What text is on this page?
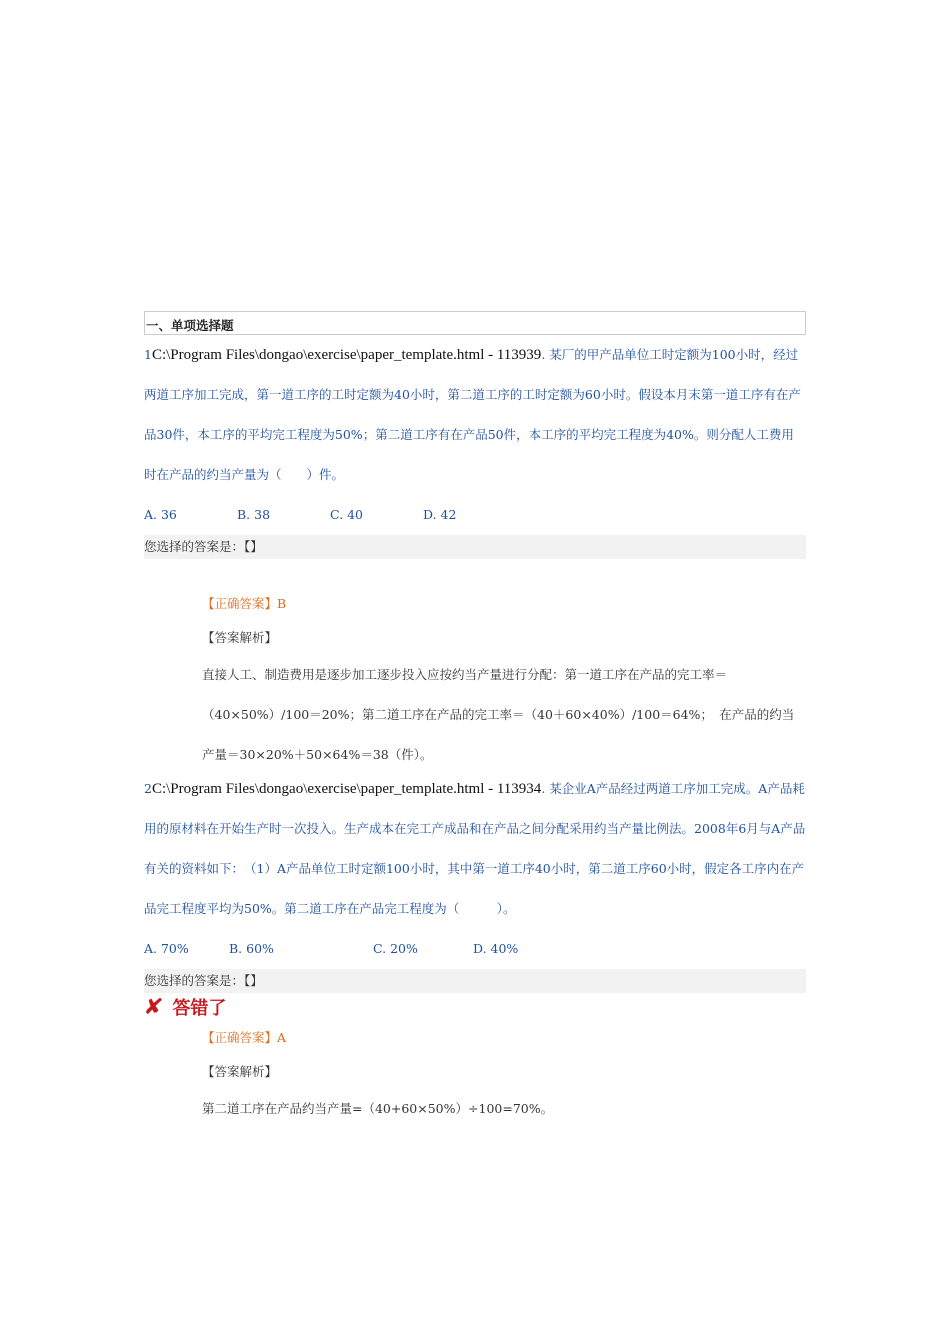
一、单项选择题

1C:\Program Files\dongao\exercise\paper_template.html - 113939. 某厂的甲产品单位工时定额为100小时，经过两道工序加工完成，第一道工序的工时定额为40小时，第二道工序的工时定额为60小时。假设本月末第一道工序有在产品30件，本工序的平均完工程度为50%；第二道工序有在产品50件，本工序的平均完工程度为40%。则分配人工费用时在产品的约当产量为（　　）件。

A. 36	B. 38	C. 40	D. 42
您选择的答案是：【】
【正确答案】B
【答案解析】

直接人工、制造费用是逐步加工逐步投入应按约当产量进行分配：第一道工序在产品的完工率＝（40×50%）/100＝20%；第二道工序在产品的完工率＝（40＋60×40%）/100＝64%；　在产品的约当产量＝30×20%＋50×64%＝38（件）。

2C:\Program Files\dongao\exercise\paper_template.html - 113934. 某企业A产品经过两道工序加工完成。A产品耗用的原材料在开始生产时一次投入。生产成本在完工产成品和在产品之间分配采用约当产量比例法。2008年6月与A产品有关的资料如下：　（1）A产品单位工时定额100小时，其中第一道工序40小时，第二道工序60小时，假定各工序内在产品完工程度平均为50%。第二道工序在产品完工程度为（　　　）。

A. 70%	B. 60%	C. 20%	D. 40%
您选择的答案是：【】
✘ 答错了
【正确答案】A
【答案解析】

第二道工序在产品约当产量=（40+60×50%）÷100=70%。
